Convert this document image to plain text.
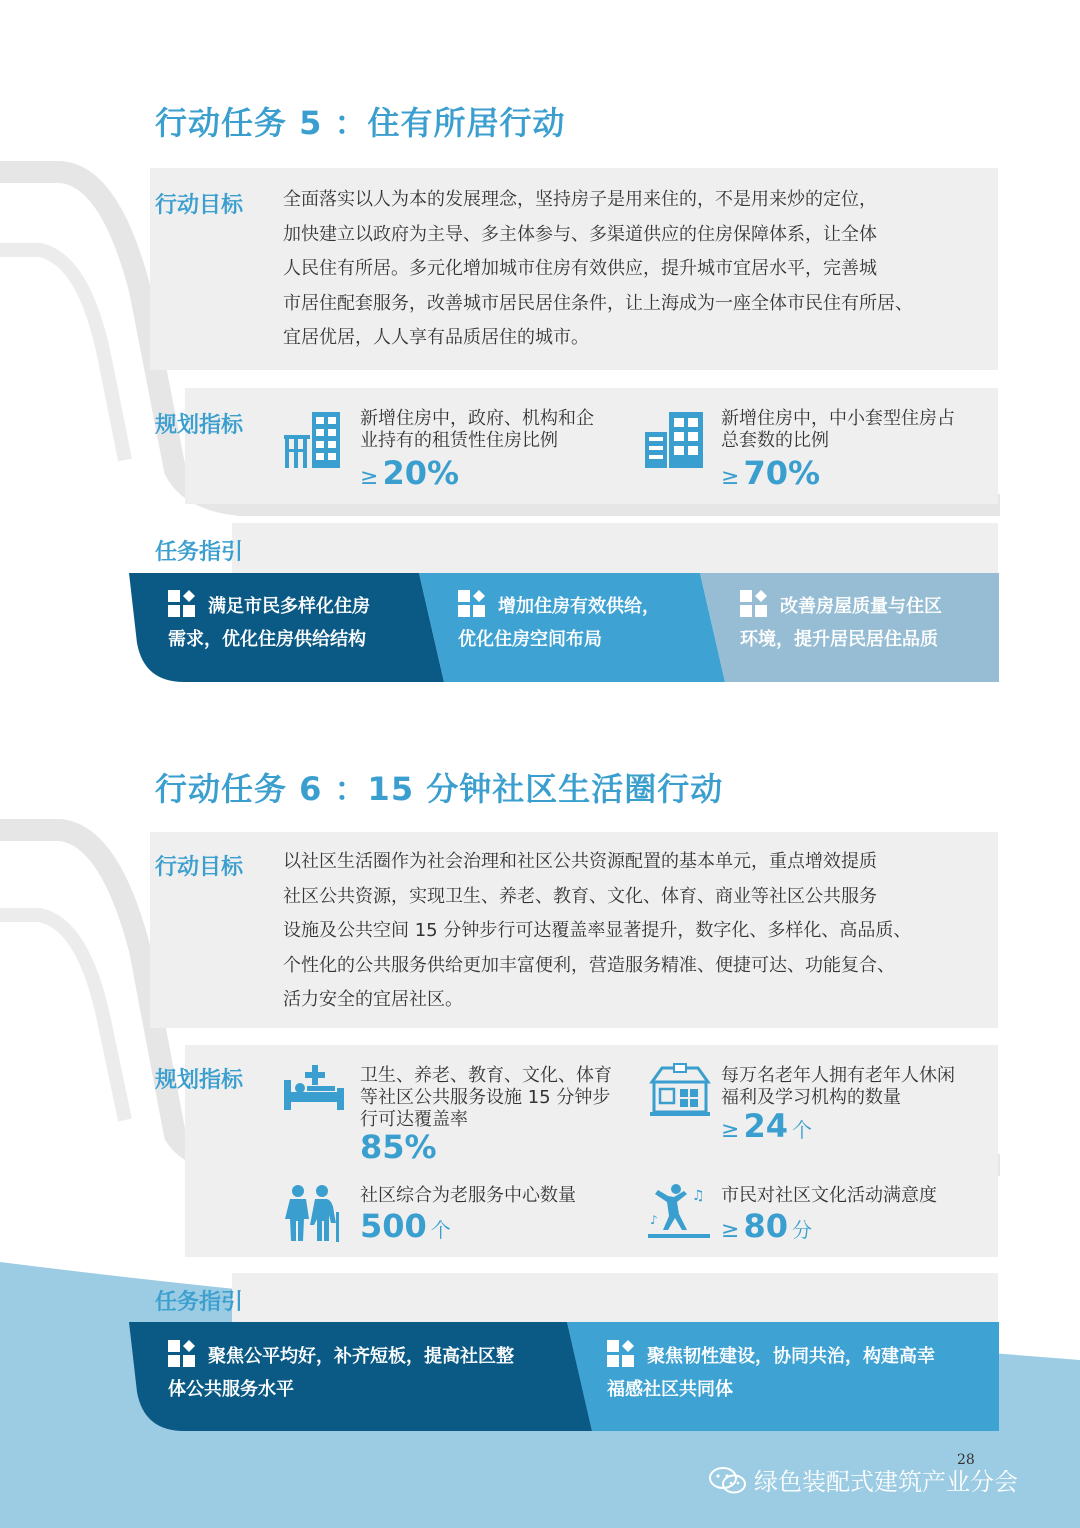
行动任务 5 ：住有所居行动
行动目标 全面落实以人为本的发展理念，坚持房子是用来住的，不是用来炒的定位，
加快建立以政府为主导、多主体参与、多渠道供应的住房保障体系，让全体
人民住有所居。多元化增加城市住房有效供应，提升城市宜居水平，完善城
市居住配套服务，改善城市居民居住条件，让上海成为一座全体市民住有所居、
宜居优居，人人享有品质居住的城市。
规划指标	新增住房中，政府、机构和企业持有的租赁性住房比例
≥ 20%
新增住房中，中小套型住房占总套数的比例
≥ 70%
任务指引
满足市民多样化住房
需求，优化住房供给结构
增加住房有效供给，
优化住房空间布局
改善房屋质量与住区
环境，提升居民居住品质
行动任务 6 ：15 分钟社区生活圈行动
行动目标 以社区生活圈作为社会治理和社区公共资源配置的基本单元，重点增效提质
社区公共资源，实现卫生、养老、教育、文化、体育、商业等社区公共服务
设施及公共空间 15 分钟步行可达覆盖率显著提升，数字化、多样化、高品质、
个性化的公共服务供给更加丰富便利，营造服务精准、便捷可达、功能复合、
活力安全的宜居社区。
规划指标	卫生、养老、教育、文化、体育等社区公共服务设施 15 分钟步行可达覆盖率
85%
每万名老年人拥有老年人休闲福利及学习机构的数量
≥ 24 个
社区综合为老服务中心数量
500 个
♫
♪
市民对社区文化活动满意度
≥ 80 分
任务指引
聚焦公平均好，补齐短板，提高社区整
体公共服务水平
聚焦韧性建设，协同共治，构建高幸
福感社区共同体
28
绿色装配式建筑产业分会
